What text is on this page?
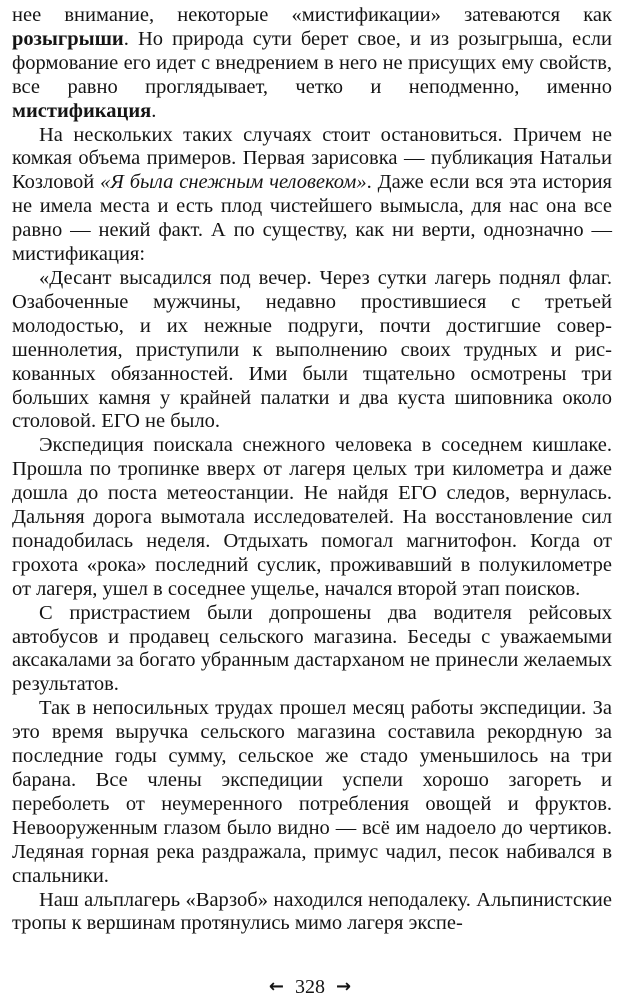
нее внимание, некоторые «мистификации» затеваются как розыгрыши. Но природа сути берет свое, и из розыгрыша, если формование его идет с внедрением в него не присущих ему свойств, все равно проглядывает, четко и неподменно, именно мистификация.

На нескольких таких случаях стоит остановиться. Причем не комкая объема примеров. Первая зарисовка — публикация Натальи Козловой «Я была снежным человеком». Даже если вся эта история не имела места и есть плод чистейшего вымысла, для нас она все равно — некий факт. А по существу, как ни верти, однозначно — мистификация:

«Десант высадился под вечер. Через сутки лагерь поднял флаг. Озабоченные мужчины, недавно простившиеся с третьей молодостью, и их нежные подруги, почти достигшие совершеннолетия, приступили к выполнению своих трудных и рискованных обязанностей. Ими были тщательно осмотрены три больших камня у крайней палатки и два куста шиповника около столовой. ЕГО не было.

Экспедиция поискала снежного человека в соседнем кишлаке. Прошла по тропинке вверх от лагеря целых три километра и даже дошла до поста метеостанции. Не найдя ЕГО следов, вернулась. Дальняя дорога вымотала исследователей. На восстановление сил понадобилась неделя. Отдыхать помогал магнитофон. Когда от грохота «рока» последний суслик, проживавший в полукилометре от лагеря, ушел в соседнее ущелье, начался второй этап поисков.

С пристрастием были допрошены два водителя рейсовых автобусов и продавец сельского магазина. Беседы с уважаемыми аксакалами за богато убранным дастарханом не принесли желаемых результатов.

Так в непосильных трудах прошел месяц работы экспедиции. За это время выручка сельского магазина составила рекордную за последние годы сумму, сельское же стадо уменьшилось на три барана. Все члены экспедиции успели хорошо загореть и переболеть от неумеренного потребления овощей и фруктов. Невооруженным глазом было видно — всё им надоело до чертиков. Ледяная горная река раздражала, примус чадил, песок набивался в спальники.

Наш альплагерь «Варзоб» находился неподалеку. Альпинистские тропы к вершинам протянулись мимо лагеря экспе-

← 328 →
